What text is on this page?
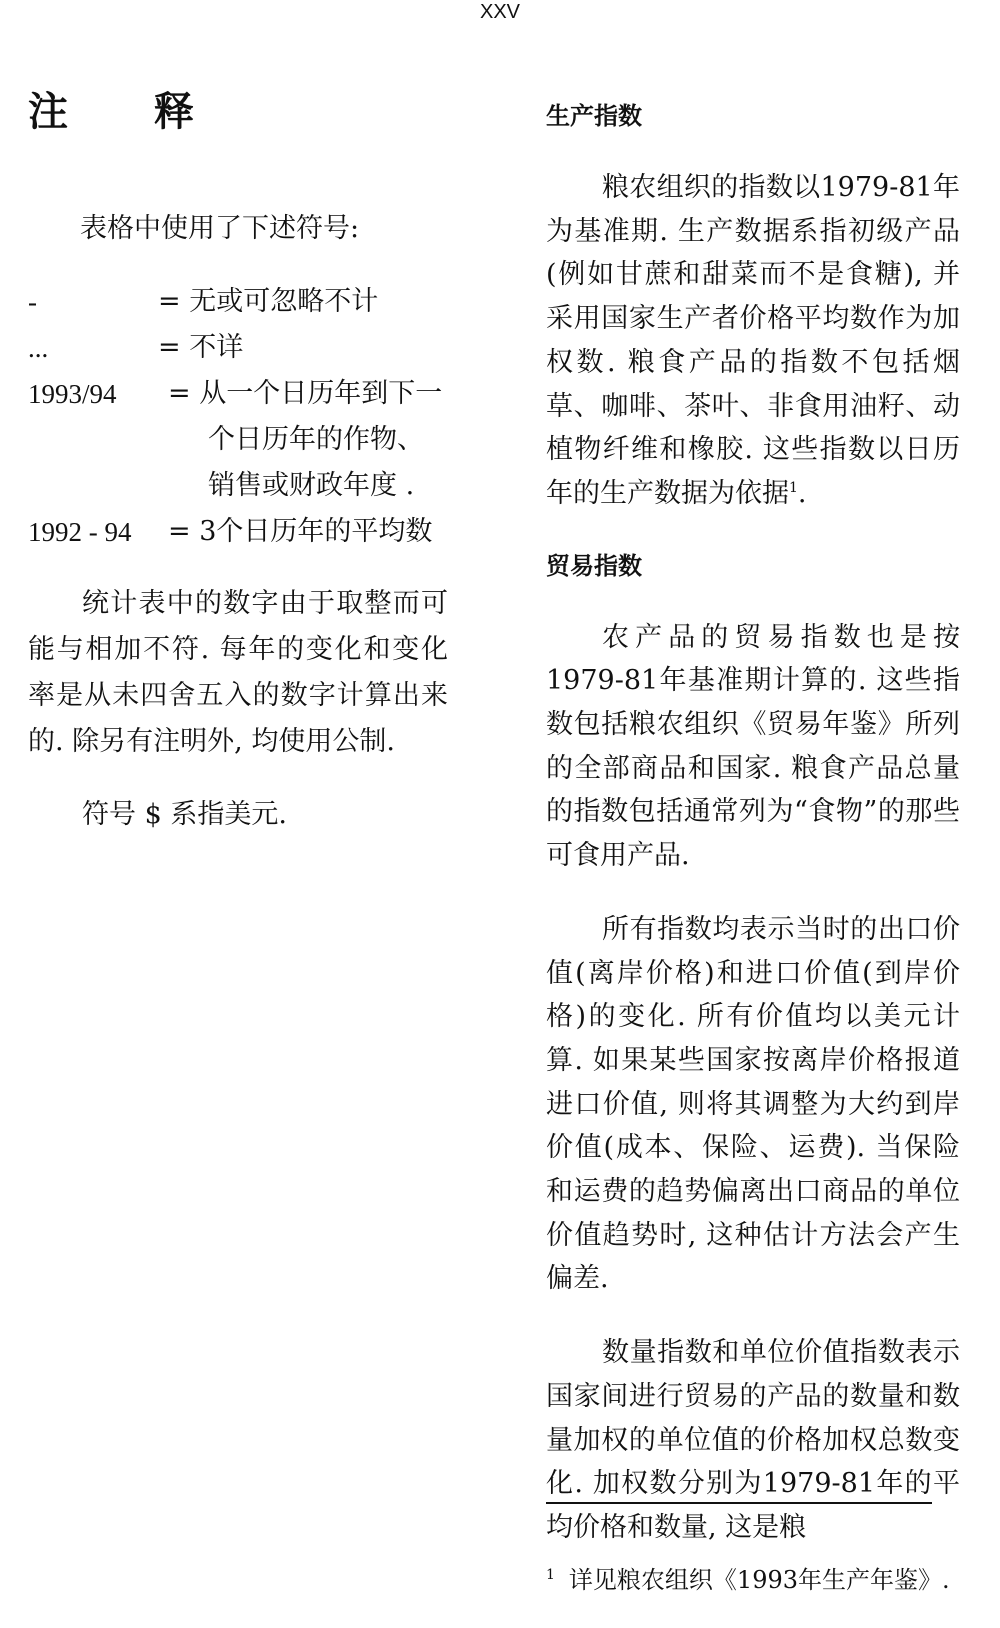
XXV
注 释
表格中使用了下述符号:
-	= 无或可忽略不计
...	= 不详
1993/94 = 从一个日历年到下一个日历年的作物、销售或财政年度 .
1992 - 94 = 3个日历年的平均数

统计表中的数字由于取整而可能与相加不符. 每年的变化和变化率是从未四舍五入的数字计算出来的. 除另有注明外, 均使用公制.

符号 $ 系指美元.

生产指数

粮农组织的指数以1979-81年为基准期. 生产数据系指初级产品(例如甘蔗和甜菜而不是食糖), 并采用国家生产者价格平均数作为加权数. 粮食产品的指数不包括烟草、咖啡、茶叶、非食用油籽、动植物纤维和橡胶. 这些指数以日历年的生产数据为依据$^1$.

贸易指数

农产品的贸易指数也是按1979-81年基准期计算的. 这些指数包括粮农组织《贸易年鉴》所列的全部商品和国家. 粮食产品总量的指数包括通常列为“食物”的那些可食用产品.

所有指数均表示当时的出口价值(离岸价格)和进口价值(到岸价格)的变化. 所有价值均以美元计算. 如果某些国家按离岸价格报道进口价值, 则将其调整为大约到岸价值(成本、保险、运费). 当保险和运费的趋势偏离出口商品的单位价值趋势时, 这种估计方法会产生偏差.

数量指数和单位价值指数表示国家间进行贸易的产品的数量和数量加权的单位值的价格加权总数变化. 加权数分别为1979-81年的平均价格和数量, 这是粮

$^1$ 详见粮农组织《1993年生产年鉴》.
